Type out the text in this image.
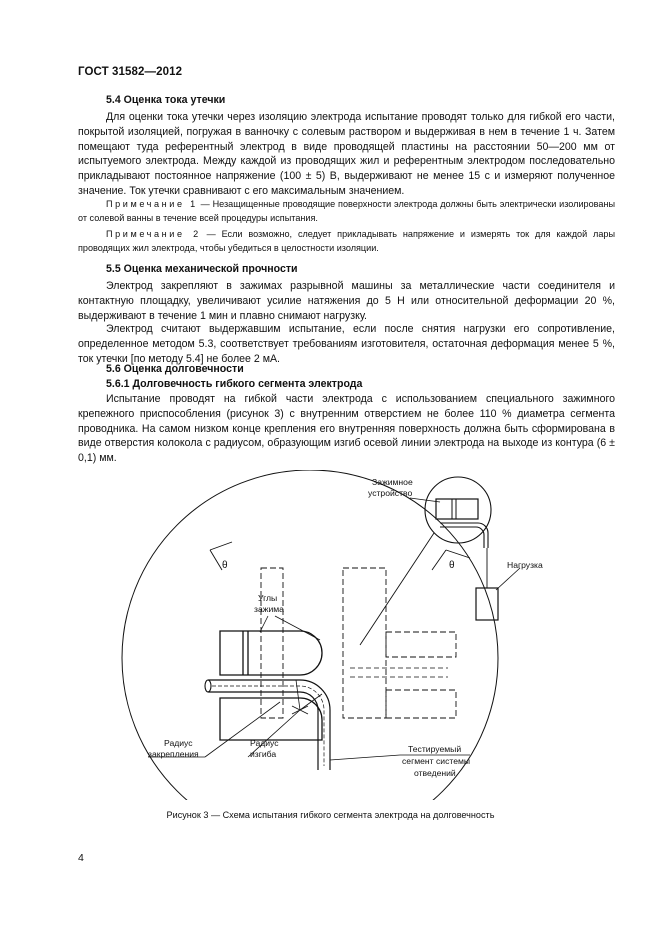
ГОСТ 31582—2012
5.4 Оценка тока утечки
Для оценки тока утечки через изоляцию электрода испытание проводят только для гибкой его части, покрытой изоляцией, погружая в ванночку с солевым раствором и выдерживая в нем в течение 1 ч. Затем помещают туда референтный электрод в виде проводящей пластины на расстоянии 50—200 мм от испытуемого электрода. Между каждой из проводящих жил и референтным электродом последовательно прикладывают постоянное напряжение (100 ± 5) В, выдерживают не менее 15 с и измеряют полученное значение. Ток утечки сравнивают с его максимальным значением.
Примечание 1 — Незащищенные проводящие поверхности электрода должны быть электрически изолированы от солевой ванны в течение всей процедуры испытания.
Примечание 2 — Если возможно, следует прикладывать напряжение и измерять ток для каждой лары проводящих жил электрода, чтобы убедиться в целостности изоляции.
5.5 Оценка механической прочности
Электрод закрепляют в зажимах разрывной машины за металлические части соединителя и контактную площадку, увеличивают усилие натяжения до 5 Н или относительной деформации 20 %, выдерживают в течение 1 мин и плавно снимают нагрузку.
Электрод считают выдержавшим испытание, если после снятия нагрузки его сопротивление, определенное методом 5.3, соответствует требованиям изготовителя, остаточная деформация менее 5 %, ток утечки [по методу 5.4] не более 2 мА.
5.6 Оценка долговечности
5.6.1 Долговечность гибкого сегмента электрода
Испытание проводят на гибкой части электрода с использованием специального зажимного крепежного приспособления (рисунок 3) с внутренним отверстием не более 110 % диаметра сегмента проводника. На самом низком конце крепления его внутренняя поверхность должна быть сформирована в виде отверстия колокола с радиусом, образующим изгиб осевой линии электрода на выходе из контура (6 ± 0,1) мм.
Зажимное
устройство
Нагрузка
θ	θ
Углы
зажима
Радиус
закрепления
Радиус
изгиба	Тестируемый
сегмент системы
отведений
Рисунок 3 — Схема испытания гибкого сегмента электрода на долговечность
4
